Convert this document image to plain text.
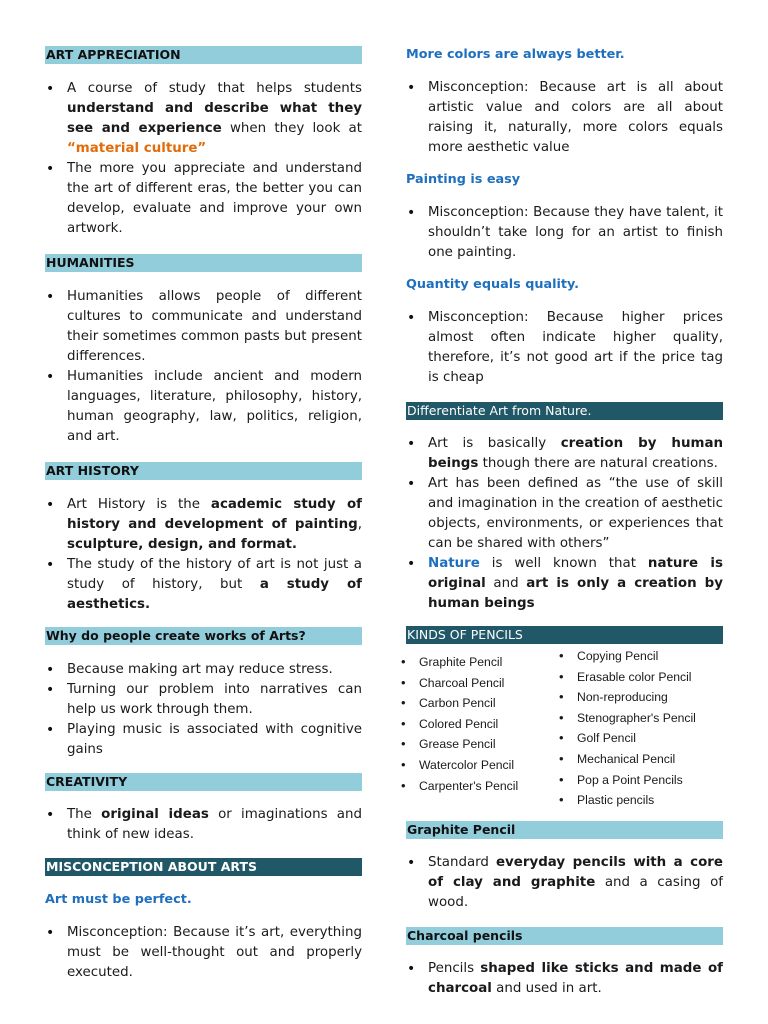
ART APPRECIATION
• A course of study that helps students understand and describe what they see and experience when they look at “material culture”
• The more you appreciate and understand the art of different eras, the better you can develop, evaluate and improve your own artwork.
HUMANITIES
• Humanities allows people of different cultures to communicate and understand their sometimes common pasts but present differences.
• Humanities include ancient and modern languages, literature, philosophy, history, human geography, law, politics, religion, and art.
ART HISTORY
• Art History is the academic study of history and development of painting, sculpture, design, and format.
• The study of the history of art is not just a study of history, but a study of aesthetics.
Why do people create works of Arts?
• Because making art may reduce stress.
• Turning our problem into narratives can help us work through them.
• Playing music is associated with cognitive gains
CREATIVITY
• The original ideas or imaginations and think of new ideas.
MISCONCEPTION ABOUT ARTS
Art must be perfect.
• Misconception: Because it’s art, everything must be well-thought out and properly executed.
More colors are always better.
• Misconception: Because art is all about artistic value and colors are all about raising it, naturally, more colors equals more aesthetic value
Painting is easy
• Misconception: Because they have talent, it shouldn’t take long for an artist to finish one painting.
Quantity equals quality.
• Misconception: Because higher prices almost often indicate higher quality, therefore, it’s not good art if the price tag is cheap
Differentiate Art from Nature.
• Art is basically creation by human beings though there are natural creations.
• Art has been defined as “the use of skill and imagination in the creation of aesthetic objects, environments, or experiences that can be shared with others”
• Nature is well known that nature is original and art is only a creation by human beings
KINDS OF PENCILS
• Graphite Pencil
• Charcoal Pencil
• Carbon Pencil
• Colored Pencil
• Grease Pencil
• Watercolor Pencil
• Carpenter's Pencil
• Copying Pencil
• Erasable color Pencil
• Non-reproducing
• Stenographer's Pencil
• Golf Pencil
• Mechanical Pencil
• Pop a Point Pencils
• Plastic pencils
Graphite Pencil
• Standard everyday pencils with a core of clay and graphite and a casing of wood.
Charcoal pencils
• Pencils shaped like sticks and made of charcoal and used in art.
